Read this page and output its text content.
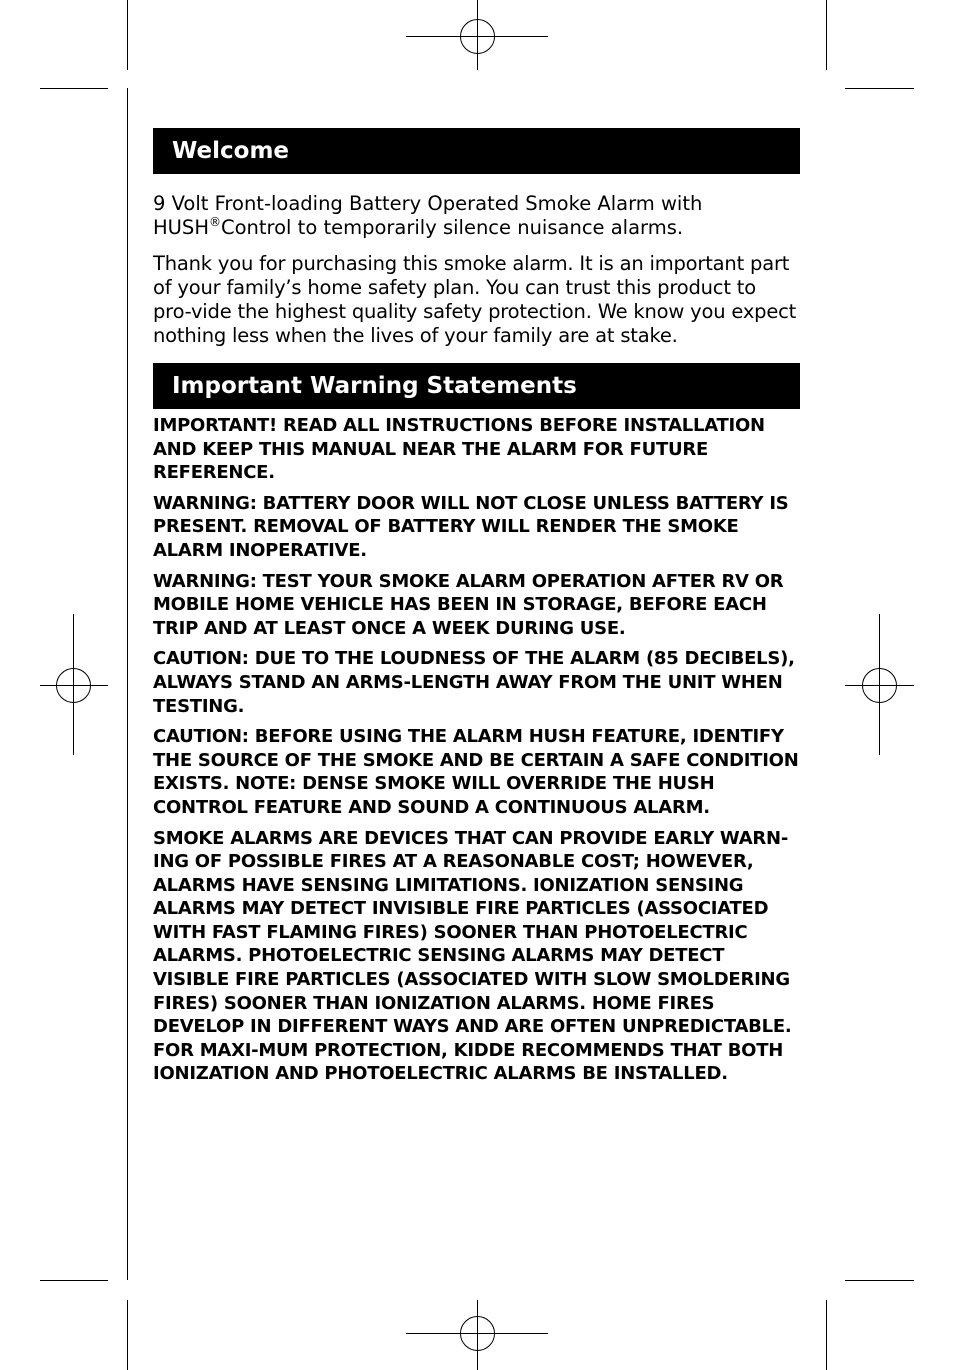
Welcome

9 Volt Front-loading Battery Operated Smoke Alarm with
HUSH®Control to temporarily silence nuisance alarms.

Thank you for purchasing this smoke alarm. It is an important part of your family’s home safety plan. You can trust this product to pro-vide the highest quality safety protection. We know you expect nothing less when the lives of your family are at stake.

Important Warning Statements

IMPORTANT! READ ALL INSTRUCTIONS BEFORE INSTALLATION AND KEEP THIS MANUAL NEAR THE ALARM FOR FUTURE REFERENCE.

WARNING: BATTERY DOOR WILL NOT CLOSE UNLESS BATTERY IS PRESENT. REMOVAL OF BATTERY WILL RENDER THE SMOKE ALARM INOPERATIVE.

WARNING: TEST YOUR SMOKE ALARM OPERATION AFTER RV OR MOBILE HOME VEHICLE HAS BEEN IN STORAGE, BEFORE EACH TRIP AND AT LEAST ONCE A WEEK DURING USE.

CAUTION: DUE TO THE LOUDNESS OF THE ALARM (85 DECIBELS), ALWAYS STAND AN ARMS-LENGTH AWAY FROM THE UNIT WHEN TESTING.

CAUTION: BEFORE USING THE ALARM HUSH FEATURE, IDENTIFY THE SOURCE OF THE SMOKE AND BE CERTAIN A SAFE CONDITION EXISTS. NOTE: DENSE SMOKE WILL OVERRIDE THE HUSH CONTROL FEATURE AND SOUND A CONTINUOUS ALARM.

SMOKE ALARMS ARE DEVICES THAT CAN PROVIDE EARLY WARN-ING OF POSSIBLE FIRES AT A REASONABLE COST; HOWEVER, ALARMS HAVE SENSING LIMITATIONS. IONIZATION SENSING ALARMS MAY DETECT INVISIBLE FIRE PARTICLES (ASSOCIATED WITH FAST FLAMING FIRES) SOONER THAN PHOTOELECTRIC ALARMS. PHOTOELECTRIC SENSING ALARMS MAY DETECT VISIBLE FIRE PARTICLES (ASSOCIATED WITH SLOW SMOLDERING FIRES) SOONER THAN IONIZATION ALARMS. HOME FIRES DEVELOP IN DIFFERENT WAYS AND ARE OFTEN UNPREDICTABLE. FOR MAXI-MUM PROTECTION, KIDDE RECOMMENDS THAT BOTH IONIZATION AND PHOTOELECTRIC ALARMS BE INSTALLED.
